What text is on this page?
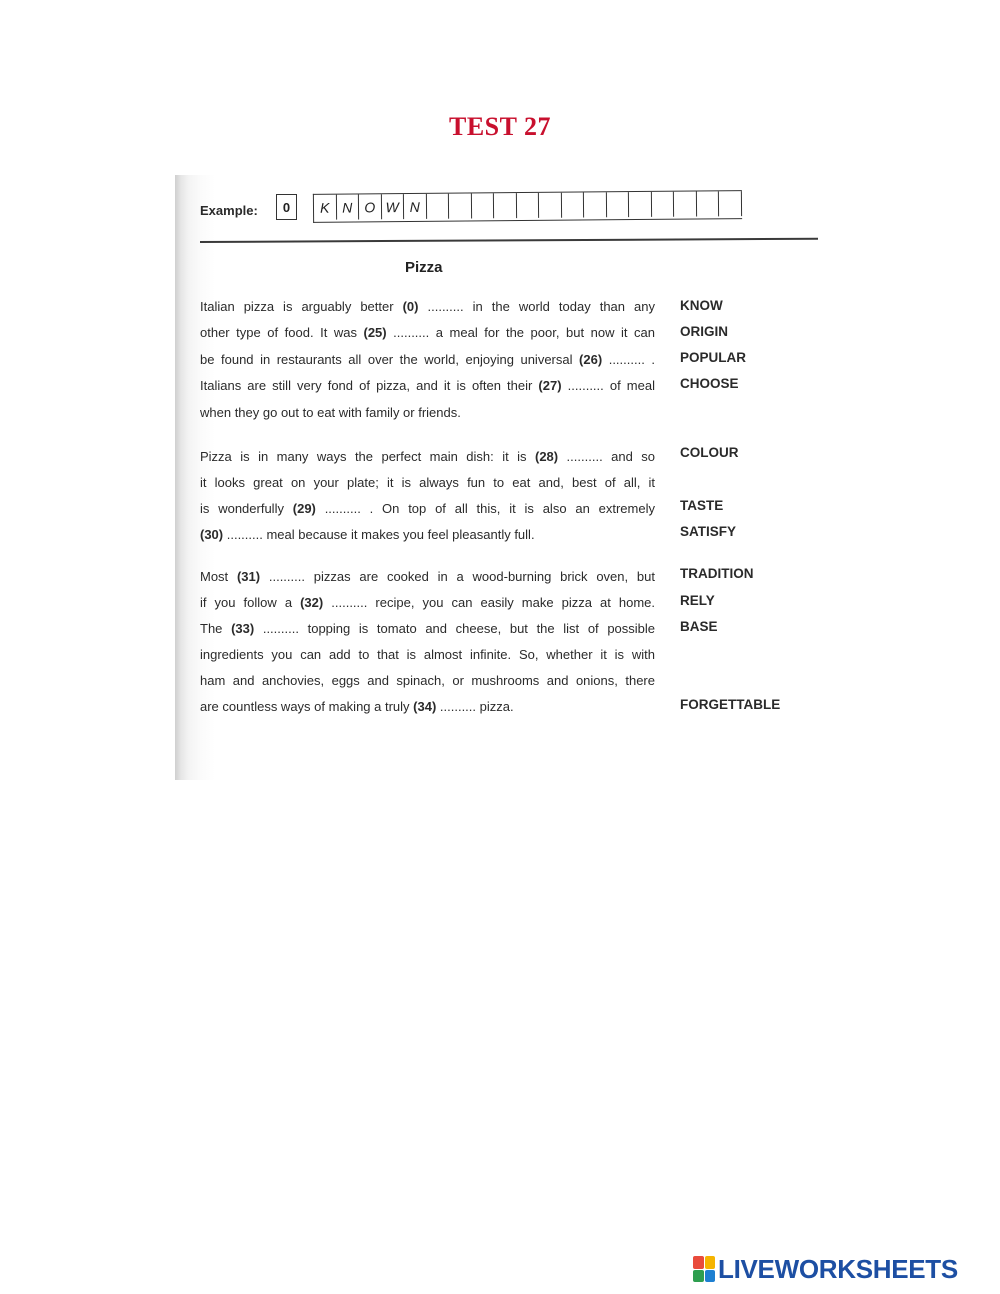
TEST 27
Example:	0	K N O W N
Pizza
Italian pizza is arguably better (0) .......... in the world today than any
other type of food. It was (25) .......... a meal for the poor, but now it can
be found in restaurants all over the world, enjoying universal (26) .......... .
Italians are still very fond of pizza, and it is often their (27) .......... of meal
when they go out to eat with family or friends.
Pizza is in many ways the perfect main dish: it is (28) .......... and so
it looks great on your plate; it is always fun to eat and, best of all, it
is wonderfully (29) .......... . On top of all this, it is also an extremely
(30) .......... meal because it makes you feel pleasantly full.
Most (31) .......... pizzas are cooked in a wood-burning brick oven, but
if you follow a (32) .......... recipe, you can easily make pizza at home.
The (33) .......... topping is tomato and cheese, but the list of possible
ingredients you can add to that is almost infinite. So, whether it is with
ham and anchovies, eggs and spinach, or mushrooms and onions, there
are countless ways of making a truly (34) .......... pizza.
KNOW
ORIGIN
POPULAR
CHOOSE
COLOUR
TASTE
SATISFY
TRADITION
RELY
BASE
FORGETTABLE
LIVEWORKSHEETS
